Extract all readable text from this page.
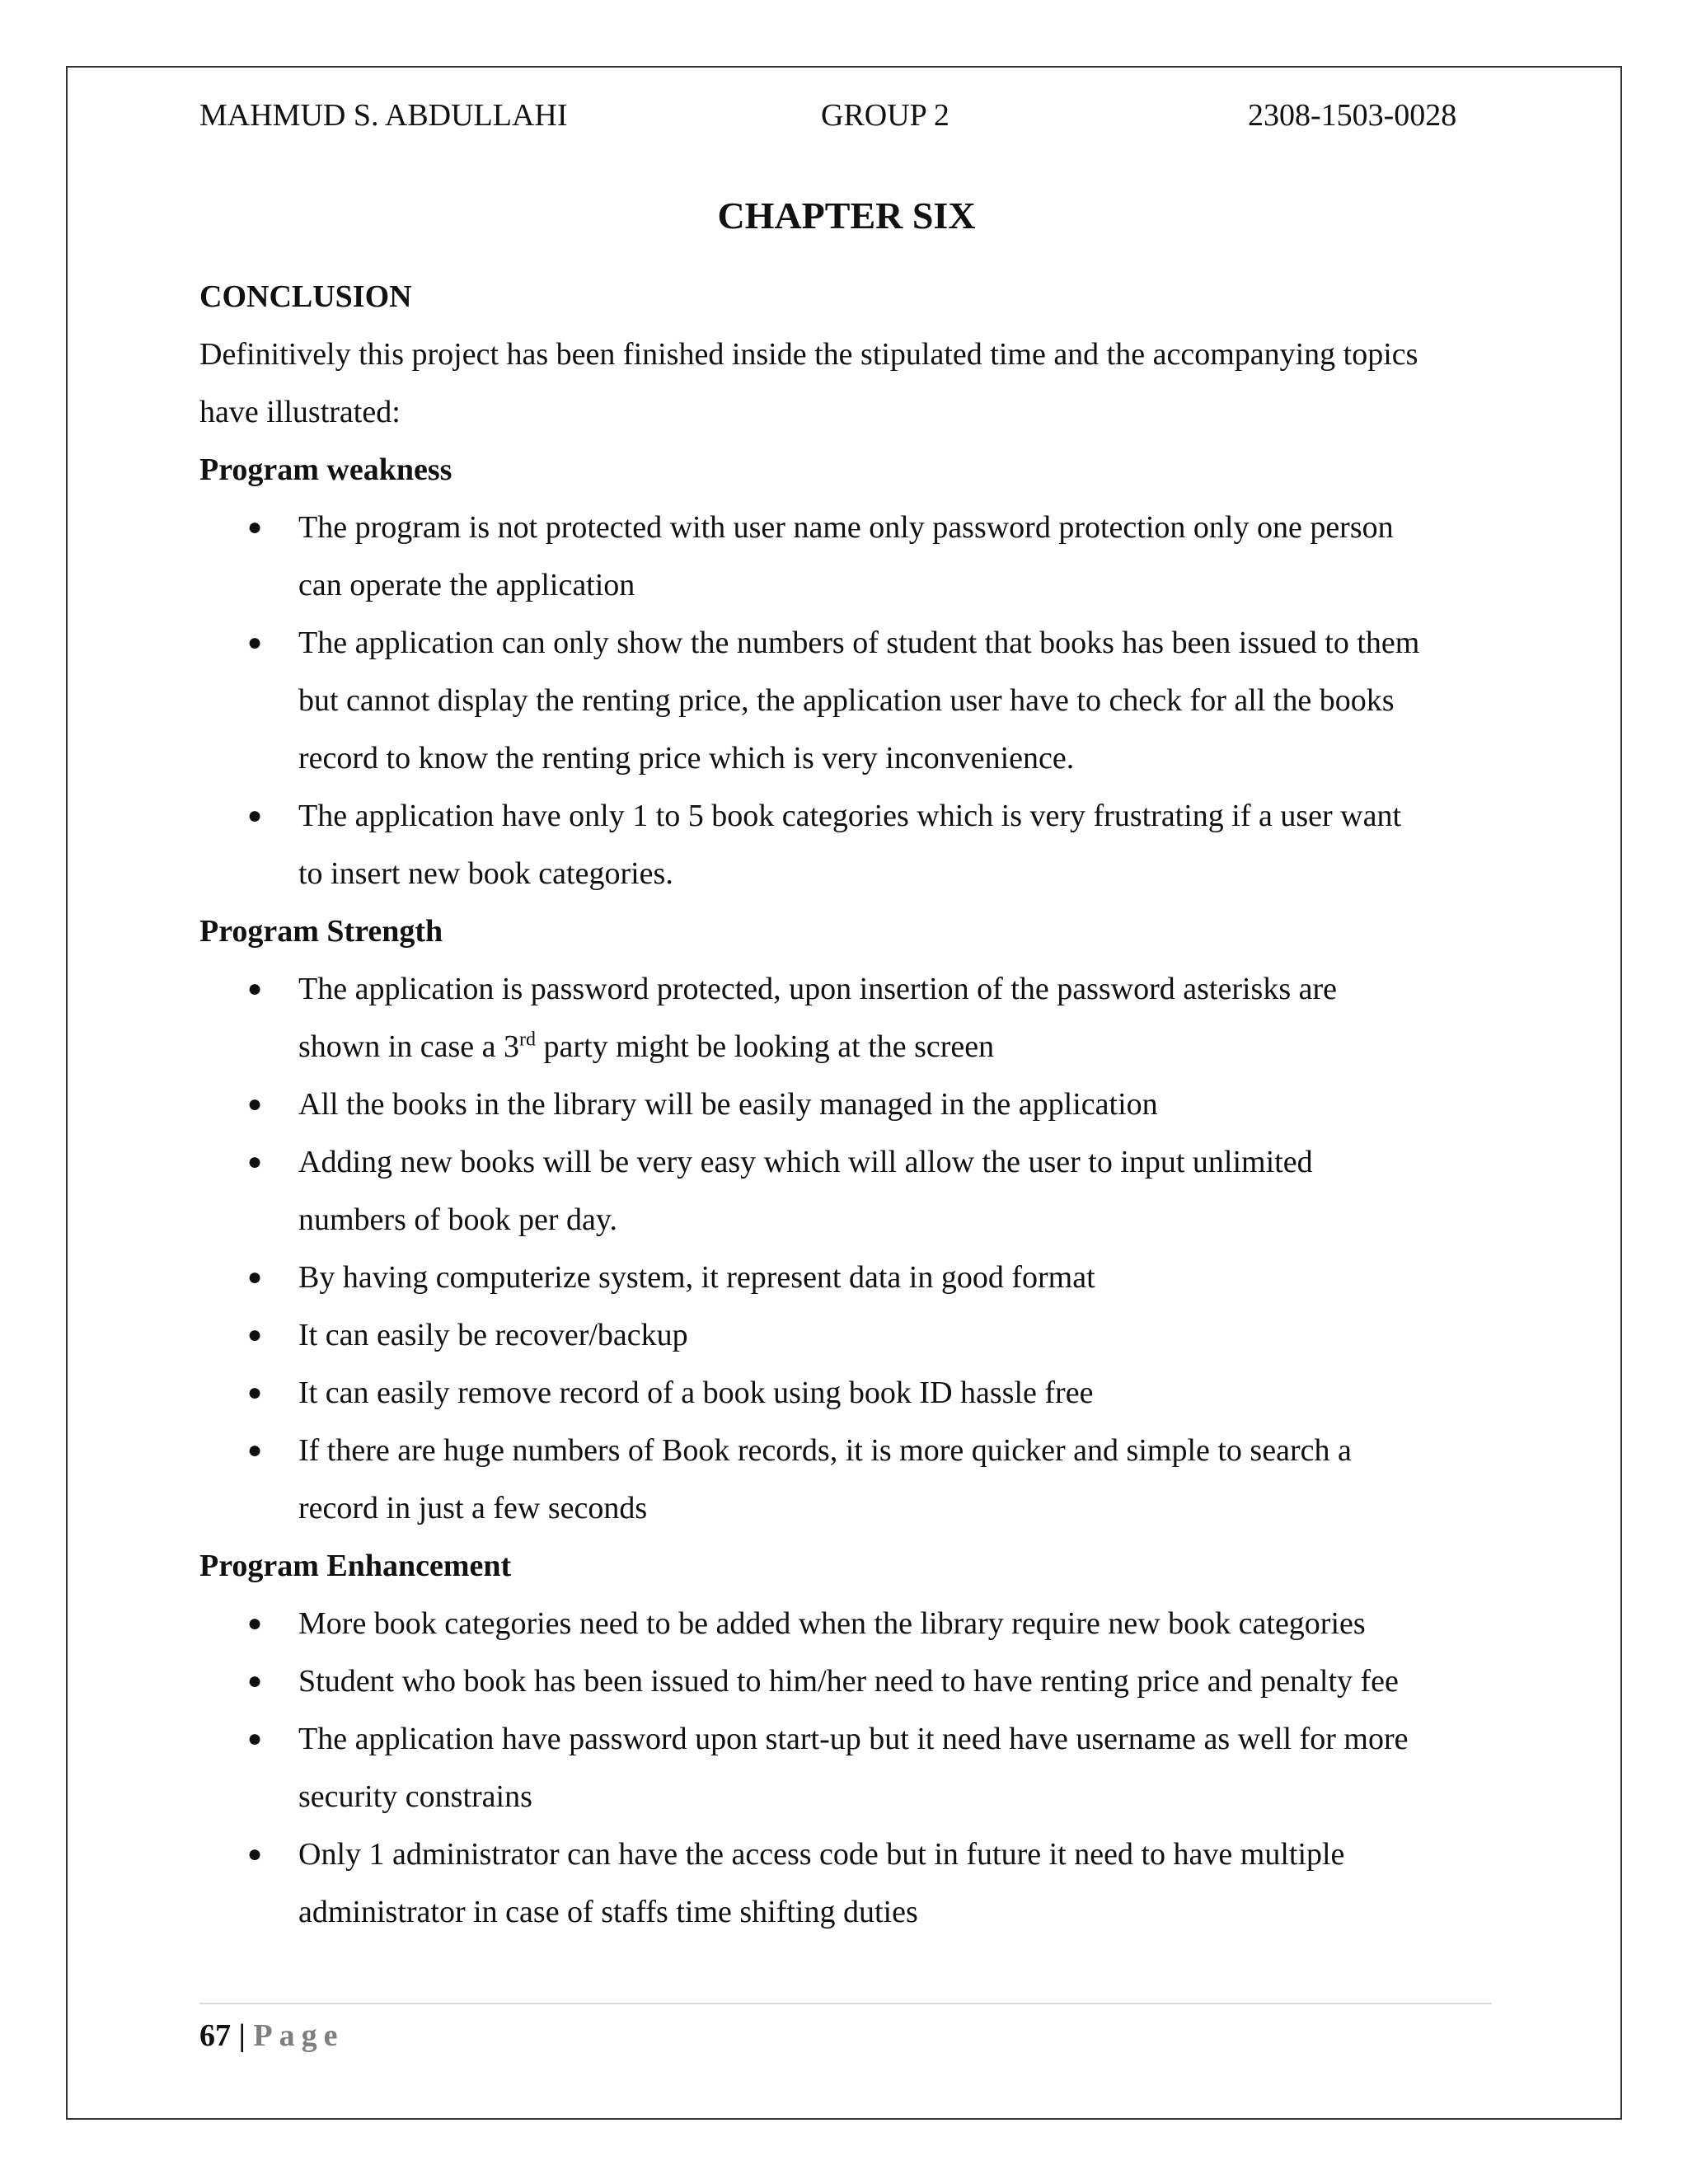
MAHMUD S. ABDULLAHI	GROUP 2	2308-1503-0028
CHAPTER SIX
CONCLUSION

Definitively this project has been finished inside the stipulated time and the accompanying topics
have illustrated:

Program weakness
● The program is not protected with user name only password protection only one person
can operate the application
● The application can only show the numbers of student that books has been issued to them
but cannot display the renting price, the application user have to check for all the books
record to know the renting price which is very inconvenience.
● The application have only 1 to 5 book categories which is very frustrating if a user want
to insert new book categories.
Program Strength
● The application is password protected, upon insertion of the password asterisks are
shown in case a 3rd party might be looking at the screen
● All the books in the library will be easily managed in the application
● Adding new books will be very easy which will allow the user to input unlimited
numbers of book per day.
● By having computerize system, it represent data in good format
● It can easily be recover/backup
● It can easily remove record of a book using book ID hassle free
● If there are huge numbers of Book records, it is more quicker and simple to search a
record in just a few seconds
Program Enhancement
● More book categories need to be added when the library require new book categories
● Student who book has been issued to him/her need to have renting price and penalty fee
● The application have password upon start-up but it need have username as well for more
security constrains
● Only 1 administrator can have the access code but in future it need to have multiple
administrator in case of staffs time shifting duties
67 | Page
